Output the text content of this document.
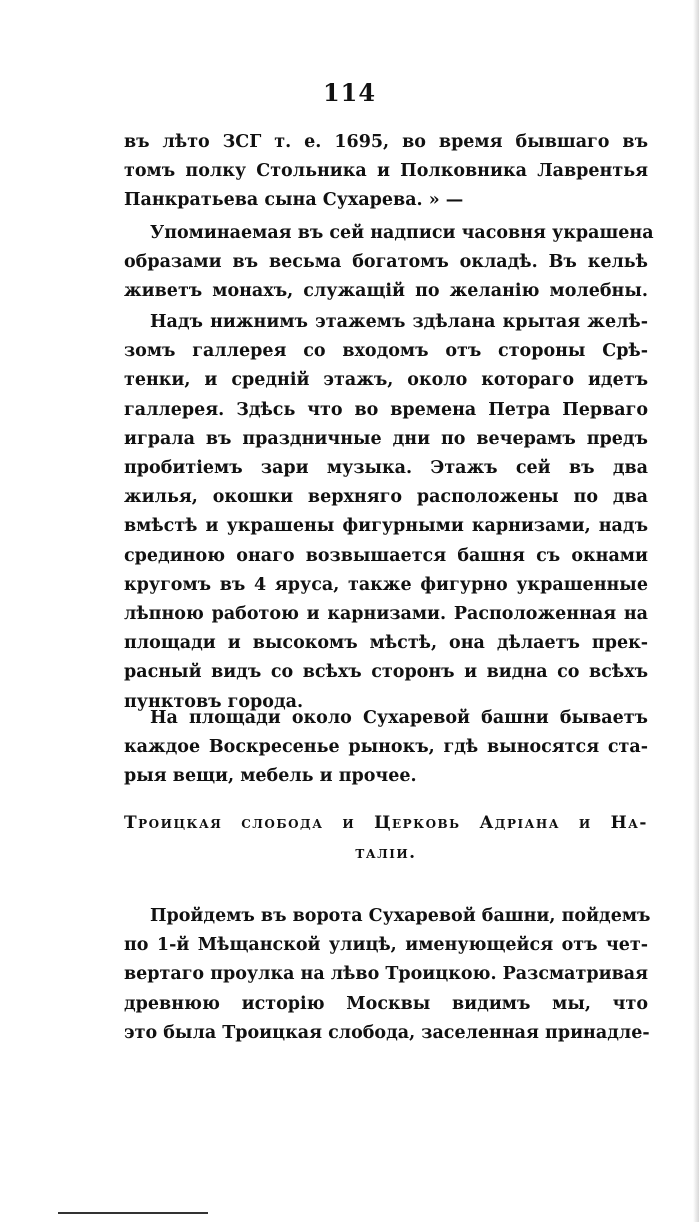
114
въ лѣто ЗСГ т. е. 1695, во время бывшаго въ
томъ полку Стольника и Полковника Лаврентья
Панкратьева сына Сухарева. » —
Упоминаемая въ сей надписи часовня украшена
образами въ весьма богатомъ окладѣ. Въ кельѣ
живетъ монахъ, служащій по желанію молебны.
Надъ нижнимъ этажемъ здѣлана крытая желѣ-
зомъ галлерея со входомъ отъ стороны Срѣ-
тенки, и среднiй этажъ, около котораго идетъ
галлерея. Здѣсь что во времена Петра Перваго
играла въ праздничные дни по вечерамъ предъ
пробитіемъ зари музыка. Этажъ сей въ два
жилья, окошки верхняго расположены по два
вмѣстѣ и украшены фигурными карнизами, надъ
срединою онаго возвышается башня съ окнами
кругомъ въ 4 яруса, также фигурно украшенные
лѣпною работою и карнизами. Расположенная на
площади и высокомъ мѣстѣ, она дѣлаетъ прек-
расный видъ со всѣхъ сторонъ и видна со всѣхъ
пунктовъ города.
На площади около Сухаревой башни бываетъ
каждое Воскресенье рынокъ, гдѣ выносятся ста-
рыя вещи, мебель и прочее.
Троицкая слобода и Церковь Адріана и На-
таліи.
Пройдемъ въ ворота Сухаревой башни, пойдемъ
по 1-й Мѣщанской улицѣ, именующейся отъ чет-
вертаго проулка на лѣво Троицкою. Разсматривая
древнюю исторію Москвы видимъ мы, что
это была Троицкая слобода, заселенная принадле-
